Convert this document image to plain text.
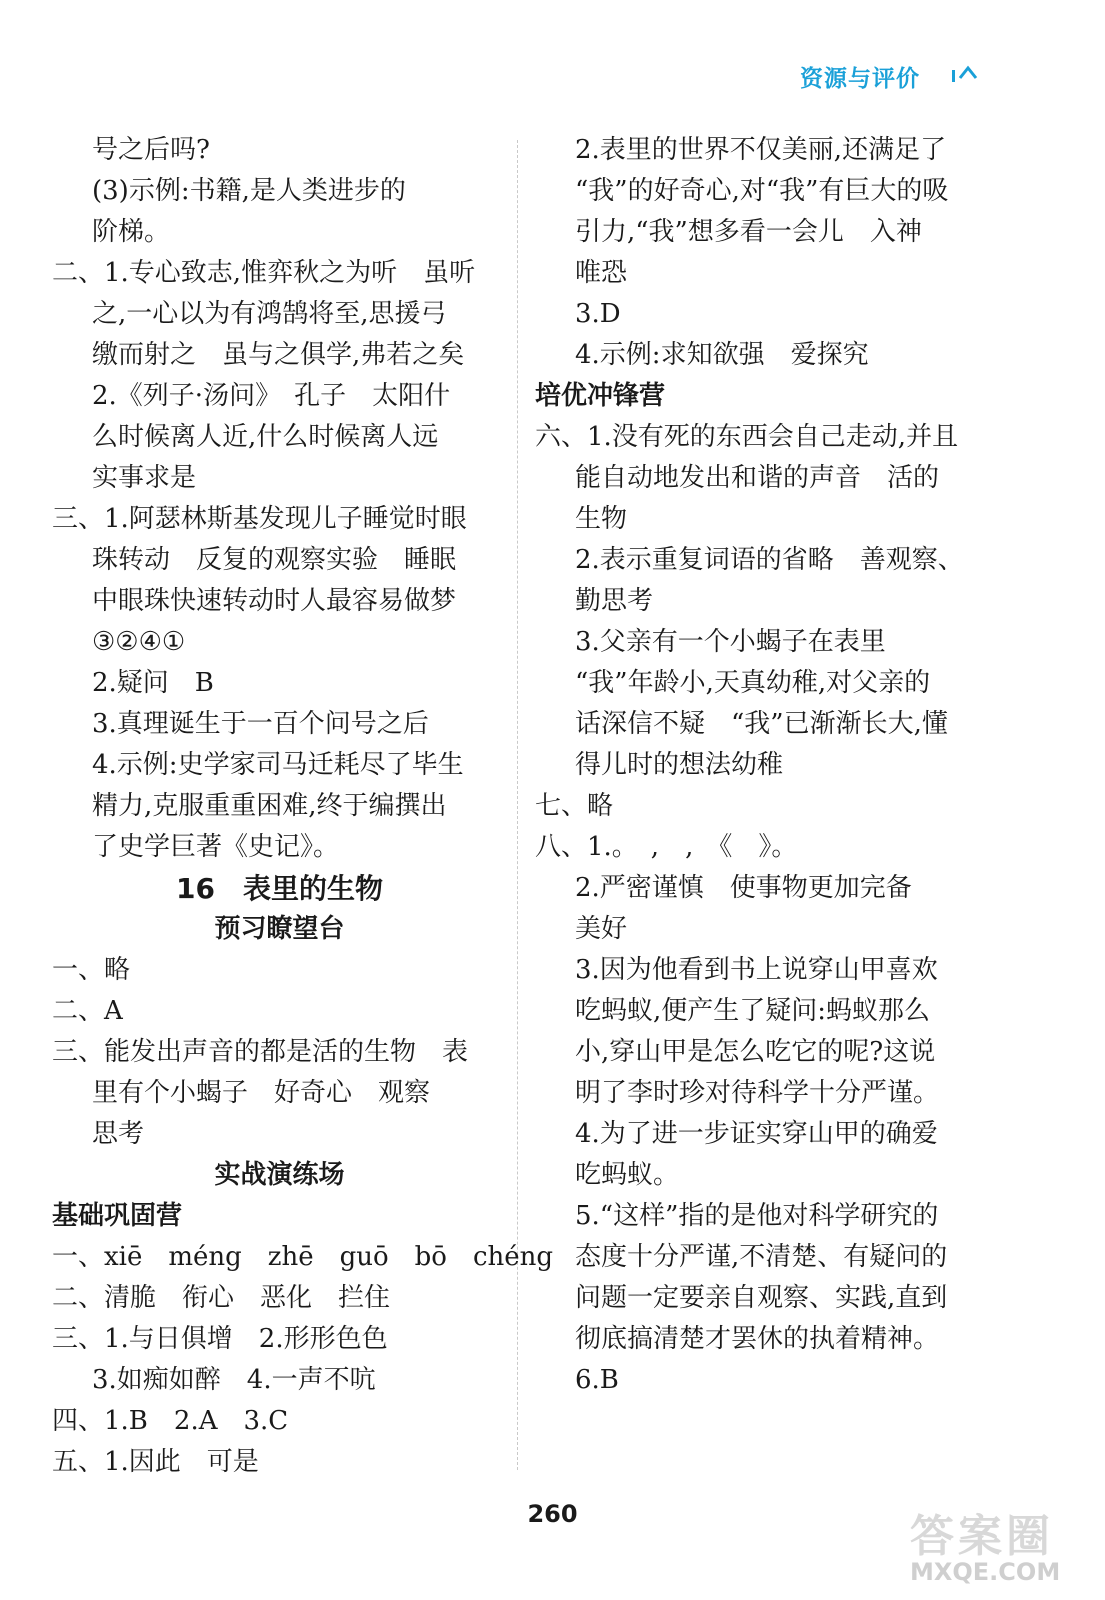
资源与评价
号之后吗?
(3)示例:书籍,是人类进步的
阶梯。
二、1.专心致志,惟弈秋之为听　虽听
之,一心以为有鸿鹄将至,思援弓
缴而射之　虽与之俱学,弗若之矣
2.《列子·汤问》　孔子　太阳什
么时候离人近,什么时候离人远
实事求是
三、1.阿瑟林斯基发现儿子睡觉时眼
珠转动　反复的观察实验　睡眠
中眼珠快速转动时人最容易做梦
③②④①
2.疑问　B
3.真理诞生于一百个问号之后
4.示例:史学家司马迁耗尽了毕生
精力,克服重重困难,终于编撰出
了史学巨著《史记》。
16　表里的生物
预习瞭望台
一、略
二、A
三、能发出声音的都是活的生物　表
里有个小蝎子　好奇心　观察
思考
实战演练场
基础巩固营
一、xiē　méng　zhē　guō　bō　chéng
二、清脆　衔心　恶化　拦住
三、1.与日俱增　2.形形色色
3.如痴如醉　4.一声不吭
四、1.B　2.A　3.C
五、1.因此　可是
2.表里的世界不仅美丽,还满足了
“我”的好奇心,对“我”有巨大的吸
引力,“我”想多看一会儿　入神
唯恐
3.D
4.示例:求知欲强　爱探究
培优冲锋营
六、1.没有死的东西会自己走动,并且
能自动地发出和谐的声音　活的
生物
2.表示重复词语的省略　善观察、
勤思考
3.父亲有一个小蝎子在表里
“我”年龄小,天真幼稚,对父亲的
话深信不疑　“我”已渐渐长大,懂
得儿时的想法幼稚
七、略
八、1.。　,　,　《　》。
2.严密谨慎　使事物更加完备
美好
3.因为他看到书上说穿山甲喜欢
吃蚂蚁,便产生了疑问:蚂蚁那么
小,穿山甲是怎么吃它的呢?这说
明了李时珍对待科学十分严谨。
4.为了进一步证实穿山甲的确爱
吃蚂蚁。
5.“这样”指的是他对科学研究的
态度十分严谨,不清楚、有疑问的
问题一定要亲自观察、实践,直到
彻底搞清楚才罢休的执着精神。
6.B
260	答案圈
MXQE.COM
